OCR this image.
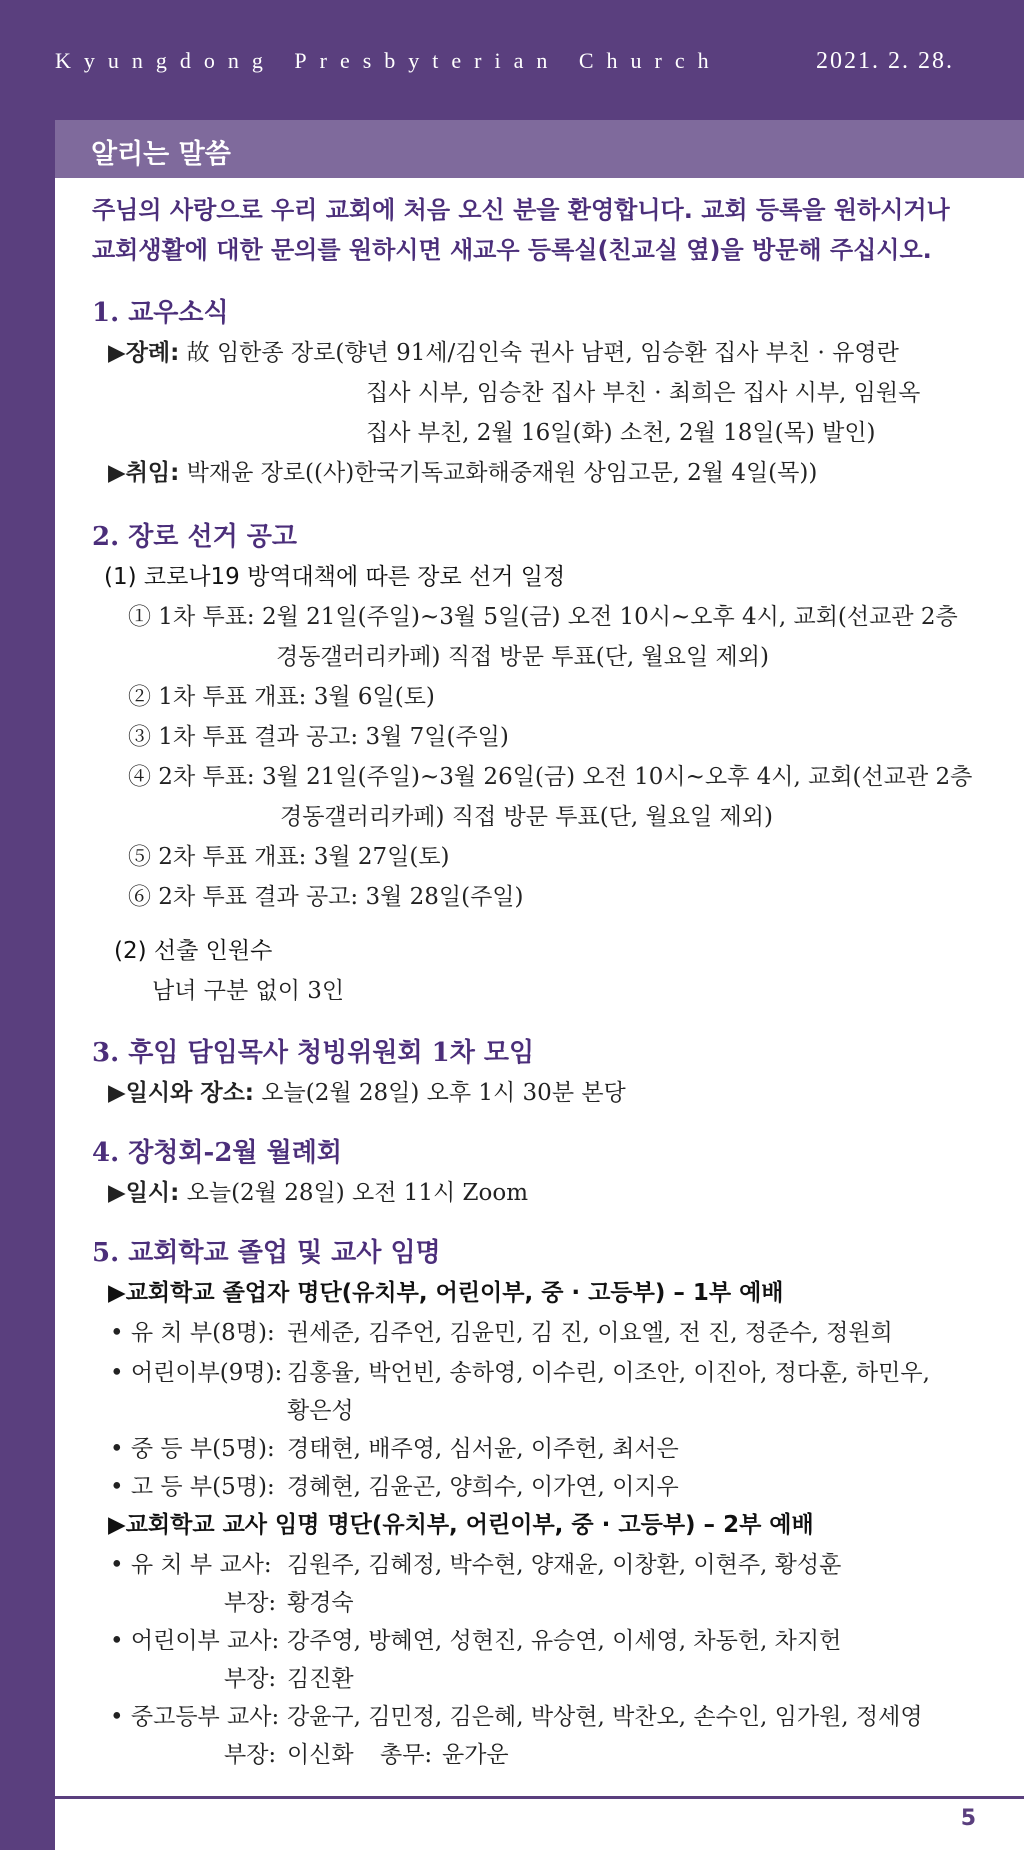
Kyungdong Presbyterian Church	2021. 2. 28.
알리는 말씀
주님의 사랑으로 우리 교회에 처음 오신 분을 환영합니다. 교회 등록을 원하시거나
교회생활에 대한 문의를 원하시면 새교우 등록실(친교실 옆)을 방문해 주십시오.
1. 교우소식
▶장례: 故 임한종 장로(향년 91세/김인숙 권사 남편, 임승환 집사 부친 · 유영란
집사 시부, 임승찬 집사 부친 · 최희은 집사 시부, 임원옥
집사 부친, 2월 16일(화) 소천, 2월 18일(목) 발인)
▶취임: 박재윤 장로((사)한국기독교화해중재원 상임고문, 2월 4일(목))
2. 장로 선거 공고
(1) 코로나19 방역대책에 따른 장로 선거 일정
① 1차 투표: 2월 21일(주일)~3월 5일(금) 오전 10시~오후 4시, 교회(선교관 2층
경동갤러리카페) 직접 방문 투표(단, 월요일 제외)
② 1차 투표 개표: 3월 6일(토)
③ 1차 투표 결과 공고: 3월 7일(주일)
④ 2차 투표: 3월 21일(주일)~3월 26일(금) 오전 10시~오후 4시, 교회(선교관 2층
경동갤러리카페) 직접 방문 투표(단, 월요일 제외)
⑤ 2차 투표 개표: 3월 27일(토)
⑥ 2차 투표 결과 공고: 3월 28일(주일)
(2) 선출 인원수
남녀 구분 없이 3인
3. 후임 담임목사 청빙위원회 1차 모임
▶일시와 장소: 오늘(2월 28일) 오후 1시 30분 본당
4. 장청회-2월 월례회
▶일시: 오늘(2월 28일) 오전 11시 Zoom
5. 교회학교 졸업 및 교사 임명
▶교회학교 졸업자 명단(유치부, 어린이부, 중 · 고등부) – 1부 예배
• 유 치 부(8명): 권세준, 김주언, 김윤민, 김 진, 이요엘, 전 진, 정준수, 정원희
• 어린이부(9명): 김홍율, 박언빈, 송하영, 이수린, 이조안, 이진아, 정다훈, 하민우,
황은성
• 중 등 부(5명): 경태현, 배주영, 심서윤, 이주헌, 최서은
• 고 등 부(5명): 경혜현, 김윤곤, 양희수, 이가연, 이지우
▶교회학교 교사 임명 명단(유치부, 어린이부, 중 · 고등부) – 2부 예배
• 유 치 부 교사: 김원주, 김혜정, 박수현, 양재윤, 이창환, 이현주, 황성훈
부장: 황경숙
• 어린이부 교사: 강주영, 방혜연, 성현진, 유승연, 이세영, 차동헌, 차지헌
부장: 김진환
• 중고등부 교사: 강윤구, 김민정, 김은혜, 박상현, 박찬오, 손수인, 임가원, 정세영
부장: 이신화 총무: 윤가운
5
